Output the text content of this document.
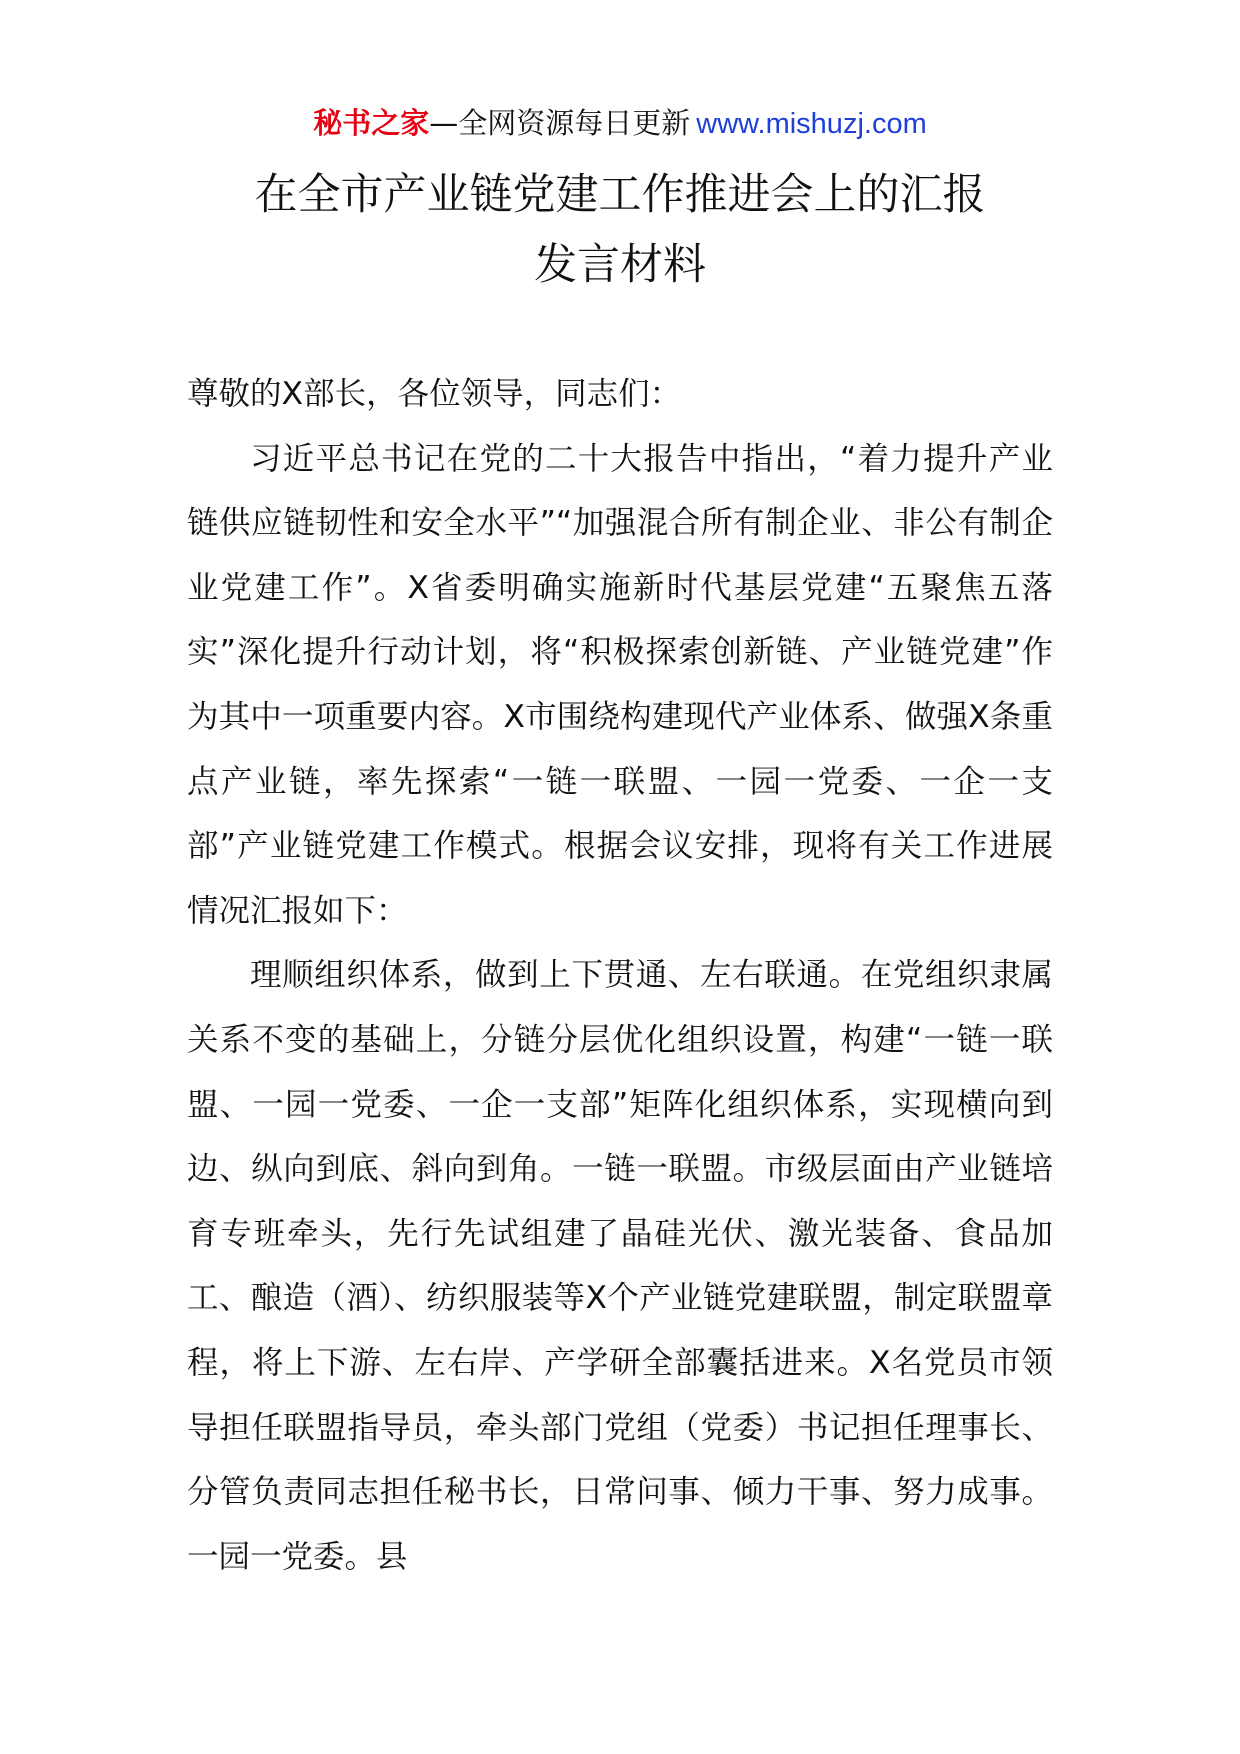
秘书之家—全网资源每日更新 www.mishuzj.com
在全市产业链党建工作推进会上的汇报
发言材料

尊敬的X部长，各位领导，同志们：

习近平总书记在党的二十大报告中指出，“着力提升产业链供应链韧性和安全水平”“加强混合所有制企业、非公有制企业党建工作”。X省委明确实施新时代基层党建“五聚焦五落实”深化提升行动计划，将“积极探索创新链、产业链党建”作为其中一项重要内容。X市围绕构建现代产业体系、做强X条重点产业链，率先探索“一链一联盟、一园一党委、一企一支部”产业链党建工作模式。根据会议安排，现将有关工作进展情况汇报如下：

理顺组织体系，做到上下贯通、左右联通。在党组织隶属关系不变的基础上，分链分层优化组织设置，构建“一链一联盟、一园一党委、一企一支部”矩阵化组织体系，实现横向到边、纵向到底、斜向到角。一链一联盟。市级层面由产业链培育专班牵头，先行先试组建了晶硅光伏、激光装备、食品加工、酿造（酒）、纺织服装等X个产业链党建联盟，制定联盟章程，将上下游、左右岸、产学研全部囊括进来。X名党员市领导担任联盟指导员，牵头部门党组（党委）书记担任理事长、分管负责同志担任秘书长，日常问事、倾力干事、努力成事。一园一党委。县
